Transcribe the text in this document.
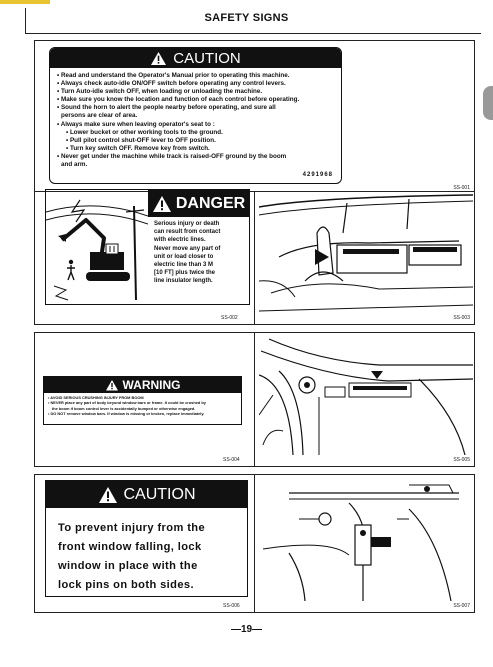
SAFETY SIGNS
CAUTION
• Read and understand the Operator's Manual prior to operating this machine.
• Always check auto-idle ON/OFF switch before operating any control levers.
• Turn Auto-idle switch OFF, when loading or unloading the machine.
• Make sure you know the location and function of each control before operating.
• Sound the horn to alert the people nearby before operating, and sure all
persons are clear of area.
• Always make sure when leaving operator's seat to :
• Lower bucket or other working tools to the ground.
• Pull pilot control shut-OFF lever to OFF position.
• Turn key switch OFF. Remove key from switch.
• Never get under the machine while track is raised-OFF ground by the boom
and arm.
4291968
SS-001
DANGER
Serious injury or death
can result from contact
with electric lines.
Never move any part of
unit or load closer to
electric line than 3 M
[10 FT] plus twice the
line insulator length.
SS-002	SS-003
WARNING
• AVOID SERIOUS CRUSHING INJURY FROM BOOM
• NEVER place any part of body beyond window bars or frame. It could be crushed by
the boom if boom control lever is accidentally bumped or otherwise engaged.
• DO NOT remove window bars. If window is missing or broken, replace immediately.
SS-004	SS-005
CAUTION
To prevent injury from the
front window falling, lock
window in place with the
lock pins on both sides.
SS-006	SS-007
—19—
